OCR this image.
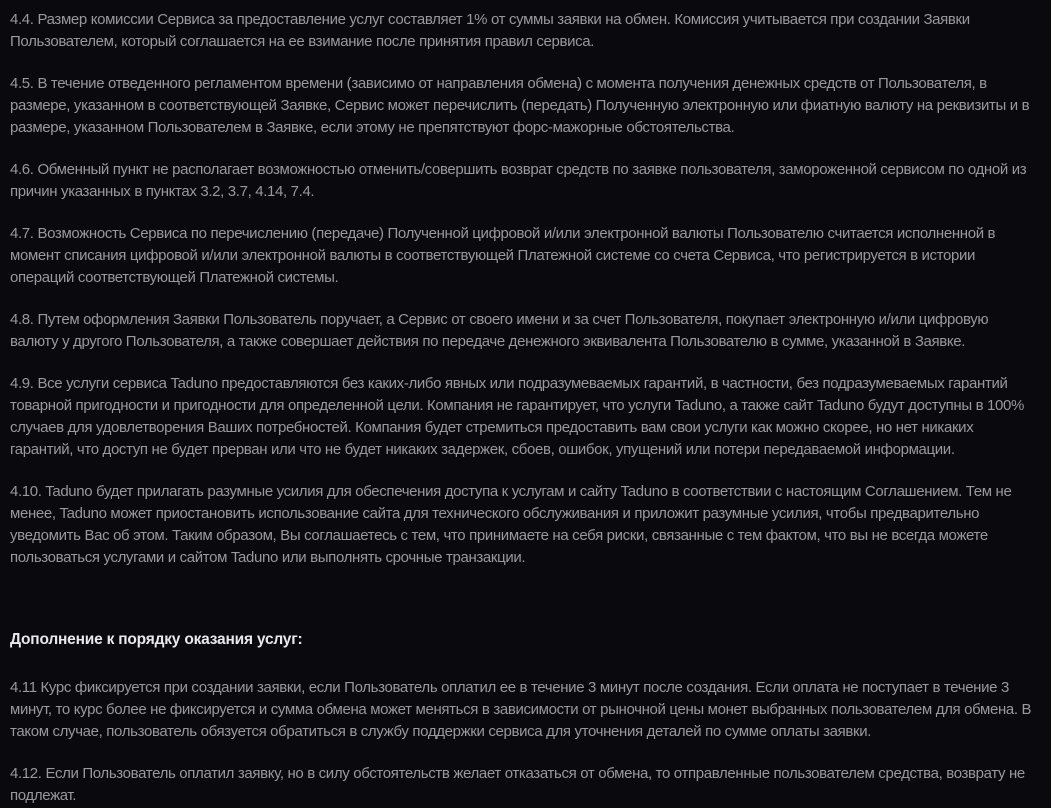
4.4. Размер комиссии Сервиса за предоставление услуг составляет 1% от суммы заявки на обмен. Комиссия учитывается при создании Заявки Пользователем, который соглашается на ее взимание после принятия правил сервиса.

4.5. В течение отведенного регламентом времени (зависимо от направления обмена) с момента получения денежных средств от Пользователя, в размере, указанном в соответствующей Заявке, Сервис может перечислить (передать) Полученную электронную или фиатную валюту на реквизиты и в размере, указанном Пользователем в Заявке, если этому не препятствуют форс-мажорные обстоятельства.

4.6. Обменный пункт не располагает возможностью отменить/совершить возврат средств по заявке пользователя, замороженной сервисом по одной из причин указанных в пунктах 3.2, 3.7, 4.14, 7.4.

4.7. Возможность Сервиса по перечислению (передаче) Полученной цифровой и/или электронной валюты Пользователю считается исполненной в момент списания цифровой и/или электронной валюты в соответствующей Платежной системе со счета Сервиса, что регистрируется в истории операций соответствующей Платежной системы.

4.8. Путем оформления Заявки Пользователь поручает, а Сервис от своего имени и за счет Пользователя, покупает электронную и/или цифровую валюту у другого Пользователя, а также совершает действия по передаче денежного эквивалента Пользователю в сумме, указанной в Заявке.

4.9. Все услуги сервиса Taduno предоставляются без каких-либо явных или подразумеваемых гарантий, в частности, без подразумеваемых гарантий товарной пригодности и пригодности для определенной цели. Компания не гарантирует, что услуги Taduno, а также сайт Taduno будут доступны в 100% случаев для удовлетворения Ваших потребностей. Компания будет стремиться предоставить вам свои услуги как можно скорее, но нет никаких гарантий, что доступ не будет прерван или что не будет никаких задержек, сбоев, ошибок, упущений или потери передаваемой информации.

4.10. Taduno будет прилагать разумные усилия для обеспечения доступа к услугам и сайту Taduno в соответствии с настоящим Соглашением. Тем не менее, Taduno может приостановить использование сайта для технического обслуживания и приложит разумные усилия, чтобы предварительно уведомить Вас об этом. Таким образом, Вы соглашаетесь с тем, что принимаете на себя риски, связанные с тем фактом, что вы не всегда можете пользоваться услугами и сайтом Taduno или выполнять срочные транзакции.

Дополнение к порядку оказания услуг:

4.11 Курс фиксируется при создании заявки, если Пользователь оплатил ее в течение 3 минут после создания. Если оплата не поступает в течение 3 минут, то курс более не фиксируется и сумма обмена может меняться в зависимости от рыночной цены монет выбранных пользователем для обмена. В таком случае, пользователь обязуется обратиться в службу поддержки сервиса для уточнения деталей по сумме оплаты заявки.

4.12. Если Пользователь оплатил заявку, но в силу обстоятельств желает отказаться от обмена, то отправленные пользователем средства, возврату не подлежат.
